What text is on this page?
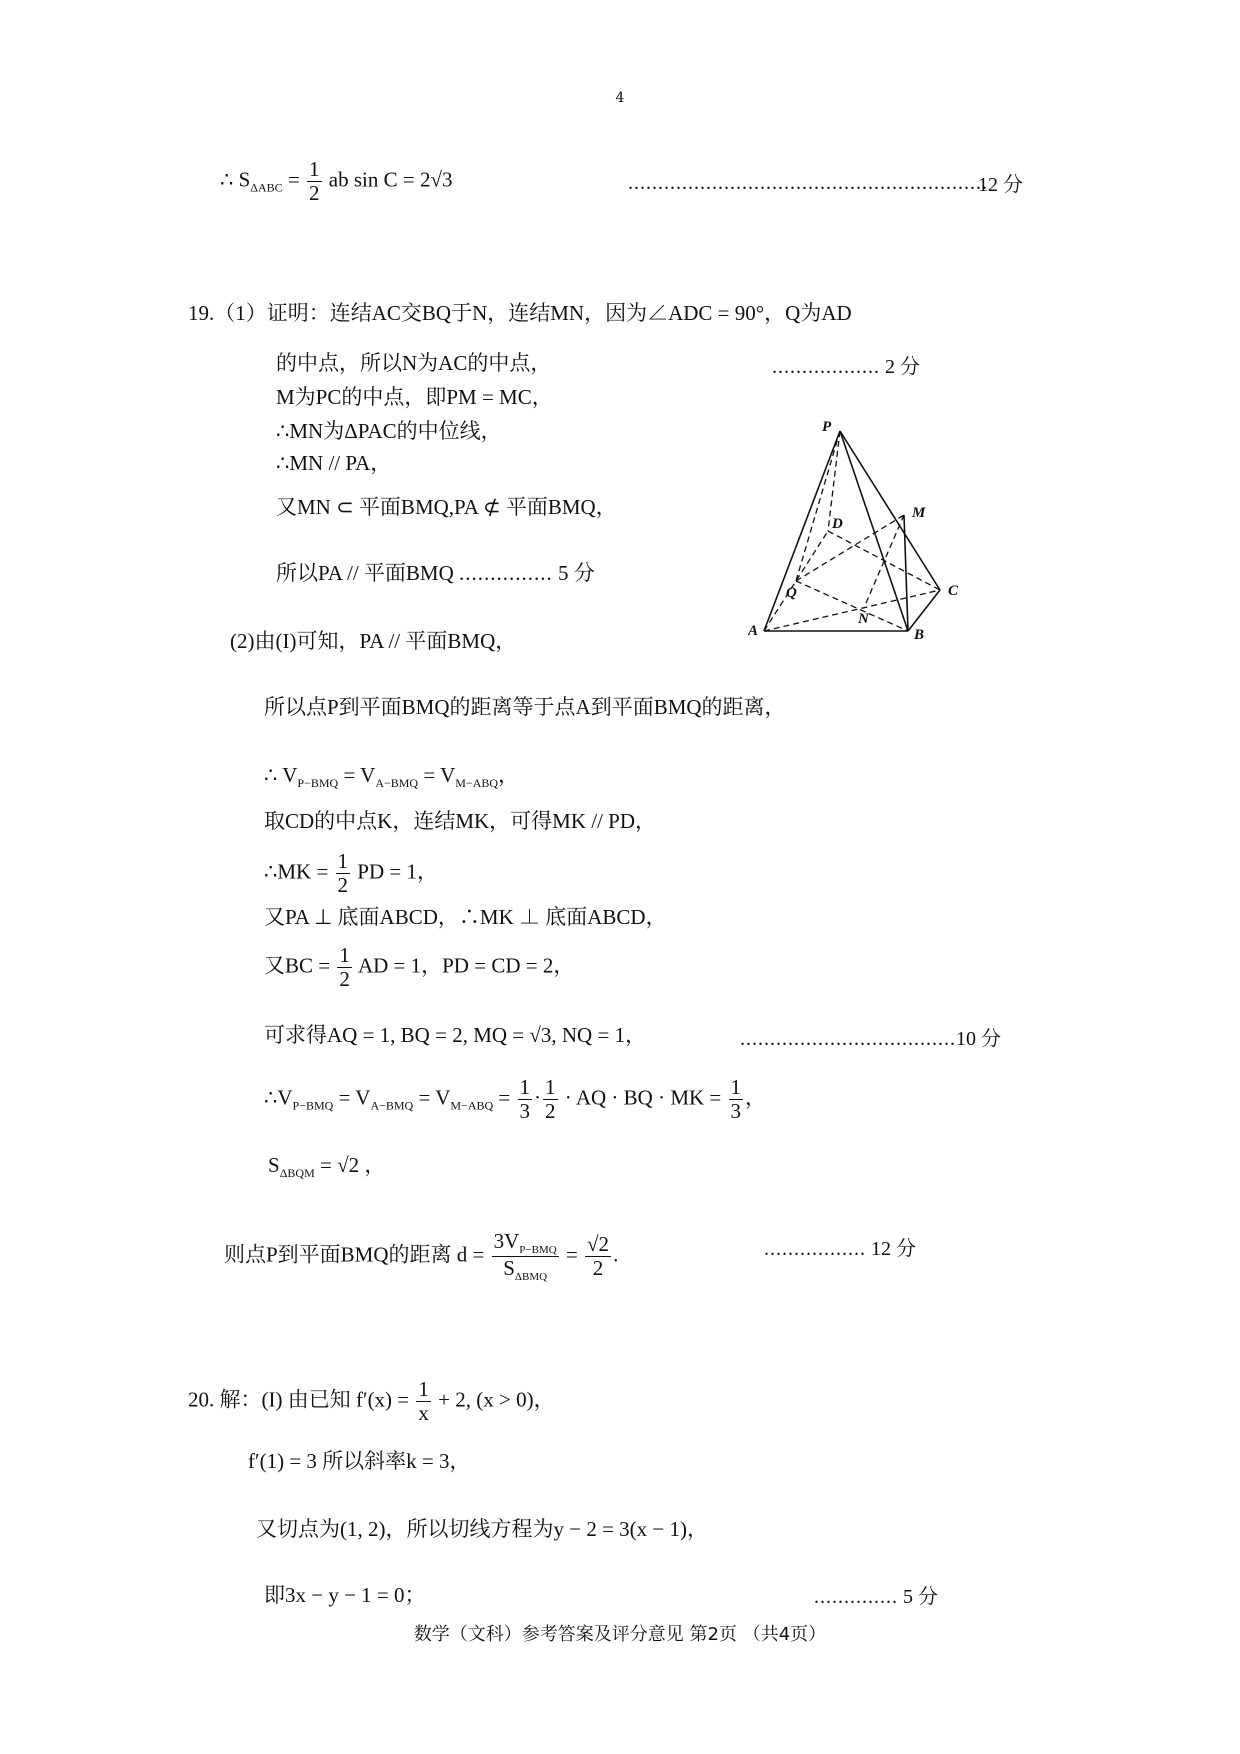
4
∴ $S_{\Delta ABC} = \frac{1}{2}$ ab sin C = 2√3	............................................................
12 分
19.（1）证明：连结AC交BQ于N，连结MN，因为∠ADC = 90°，Q为AD
的中点，所以N为AC的中点，	.................. 2 分
M为PC的中点，即PM = MC，
∴MN为ΔPAC的中位线，
∴MN // PA，
又MN ⊂ 平面BMQ,PA ⊄ 平面BMQ，
所以PA // 平面BMQ ............... 5 分
P
D
M
Q	C
A
N
B
(2)由(I)可知，PA // 平面BMQ，
所以点P到平面BMQ的距离等于点A到平面BMQ的距离，
∴ $V_{P-BMQ} = V_{A-BMQ} = V_{M-ABQ}$，
取CD的中点K，连结MK，可得MK // PD，
∴MK = $\frac{1}{2}$ PD = 1，
又PA ⊥ 底面ABCD，∴MK ⊥ 底面ABCD，
又BC = $\frac{1}{2}$ AD = 1，PD = CD = 2，
可求得AQ = 1, BQ = 2, MQ = √3, NQ = 1，	....................................10 分
$\therefore V_{P-BMQ} = V_{A-BMQ} = V_{M-ABQ} = \frac{1}{3} \cdot \frac{1}{2}$ · AQ · BQ · MK = $\frac{1}{3}$ ，
$S_{\Delta BQM} = √2$ ，
则点P到平面BMQ的距离 $d = \frac{3V_{P-BMQ}}{S_{\Delta BMQ}} = \frac{√2}{2}$ .	................. 12 分
20. 解：(I) 由已知 $f'(x) = \frac{1}{x} + 2$, (x > 0)，
f′(1) = 3 所以斜率k = 3，
又切点为(1, 2)，所以切线方程为y − 2 = 3(x − 1)，
即3x − y − 1 = 0；	.............. 5 分
数学（文科）参考答案及评分意见 第2页 （共4页）
